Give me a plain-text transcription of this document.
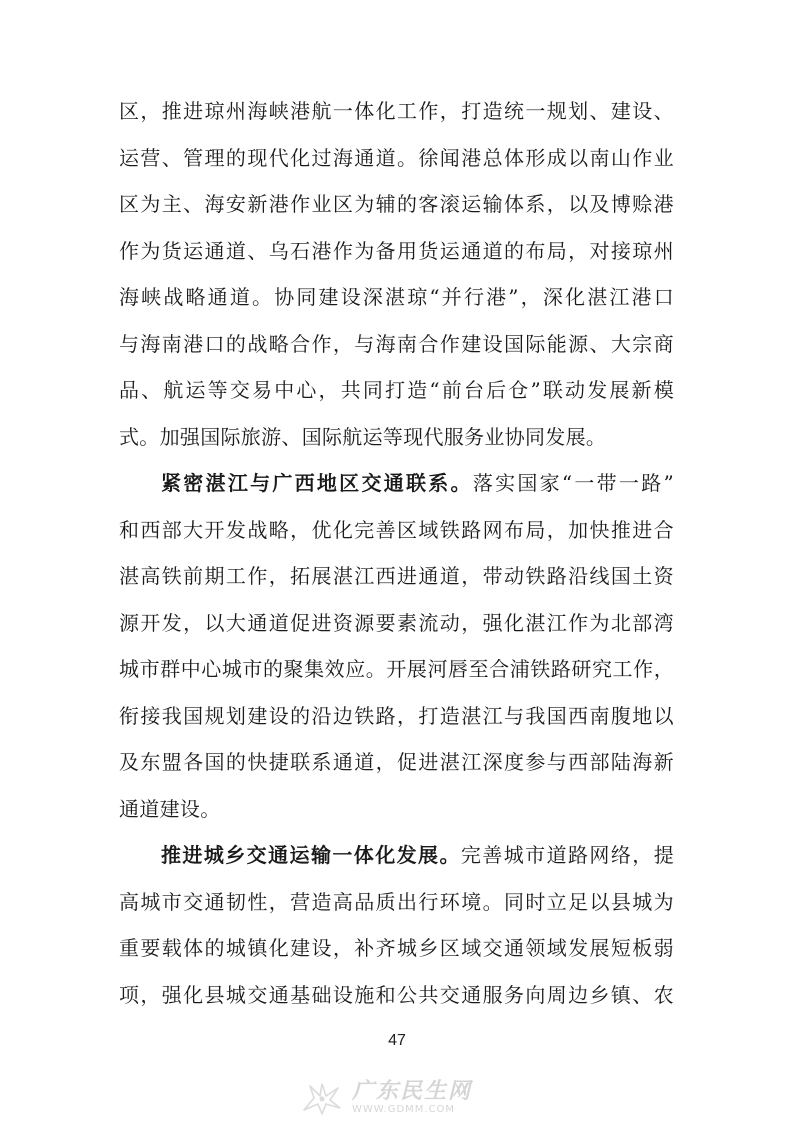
区，推进琼州海峡港航一体化工作，打造统一规划、建设、

运营、管理的现代化过海通道。徐闻港总体形成以南山作业

区为主、海安新港作业区为辅的客滚运输体系，以及博赊港

作为货运通道、乌石港作为备用货运通道的布局，对接琼州

海峡战略通道。协同建设深湛琼“并行港”，深化湛江港口

与海南港口的战略合作，与海南合作建设国际能源、大宗商

品、航运等交易中心，共同打造“前台后仓”联动发展新模

式。加强国际旅游、国际航运等现代服务业协同发展。

紧密湛江与广西地区交通联系。落实国家“一带一路”

和西部大开发战略，优化完善区域铁路网布局，加快推进合

湛高铁前期工作，拓展湛江西进通道，带动铁路沿线国土资

源开发，以大通道促进资源要素流动，强化湛江作为北部湾

城市群中心城市的聚集效应。开展河唇至合浦铁路研究工作，

衔接我国规划建设的沿边铁路，打造湛江与我国西南腹地以

及东盟各国的快捷联系通道，促进湛江深度参与西部陆海新

通道建设。

推进城乡交通运输一体化发展。完善城市道路网络，提

高城市交通韧性，营造高品质出行环境。同时立足以县城为

重要载体的城镇化建设，补齐城乡区域交通领域发展短板弱

项，强化县城交通基础设施和公共交通服务向周边乡镇、农

47
广东民生网
WWW.GDMM.COM
